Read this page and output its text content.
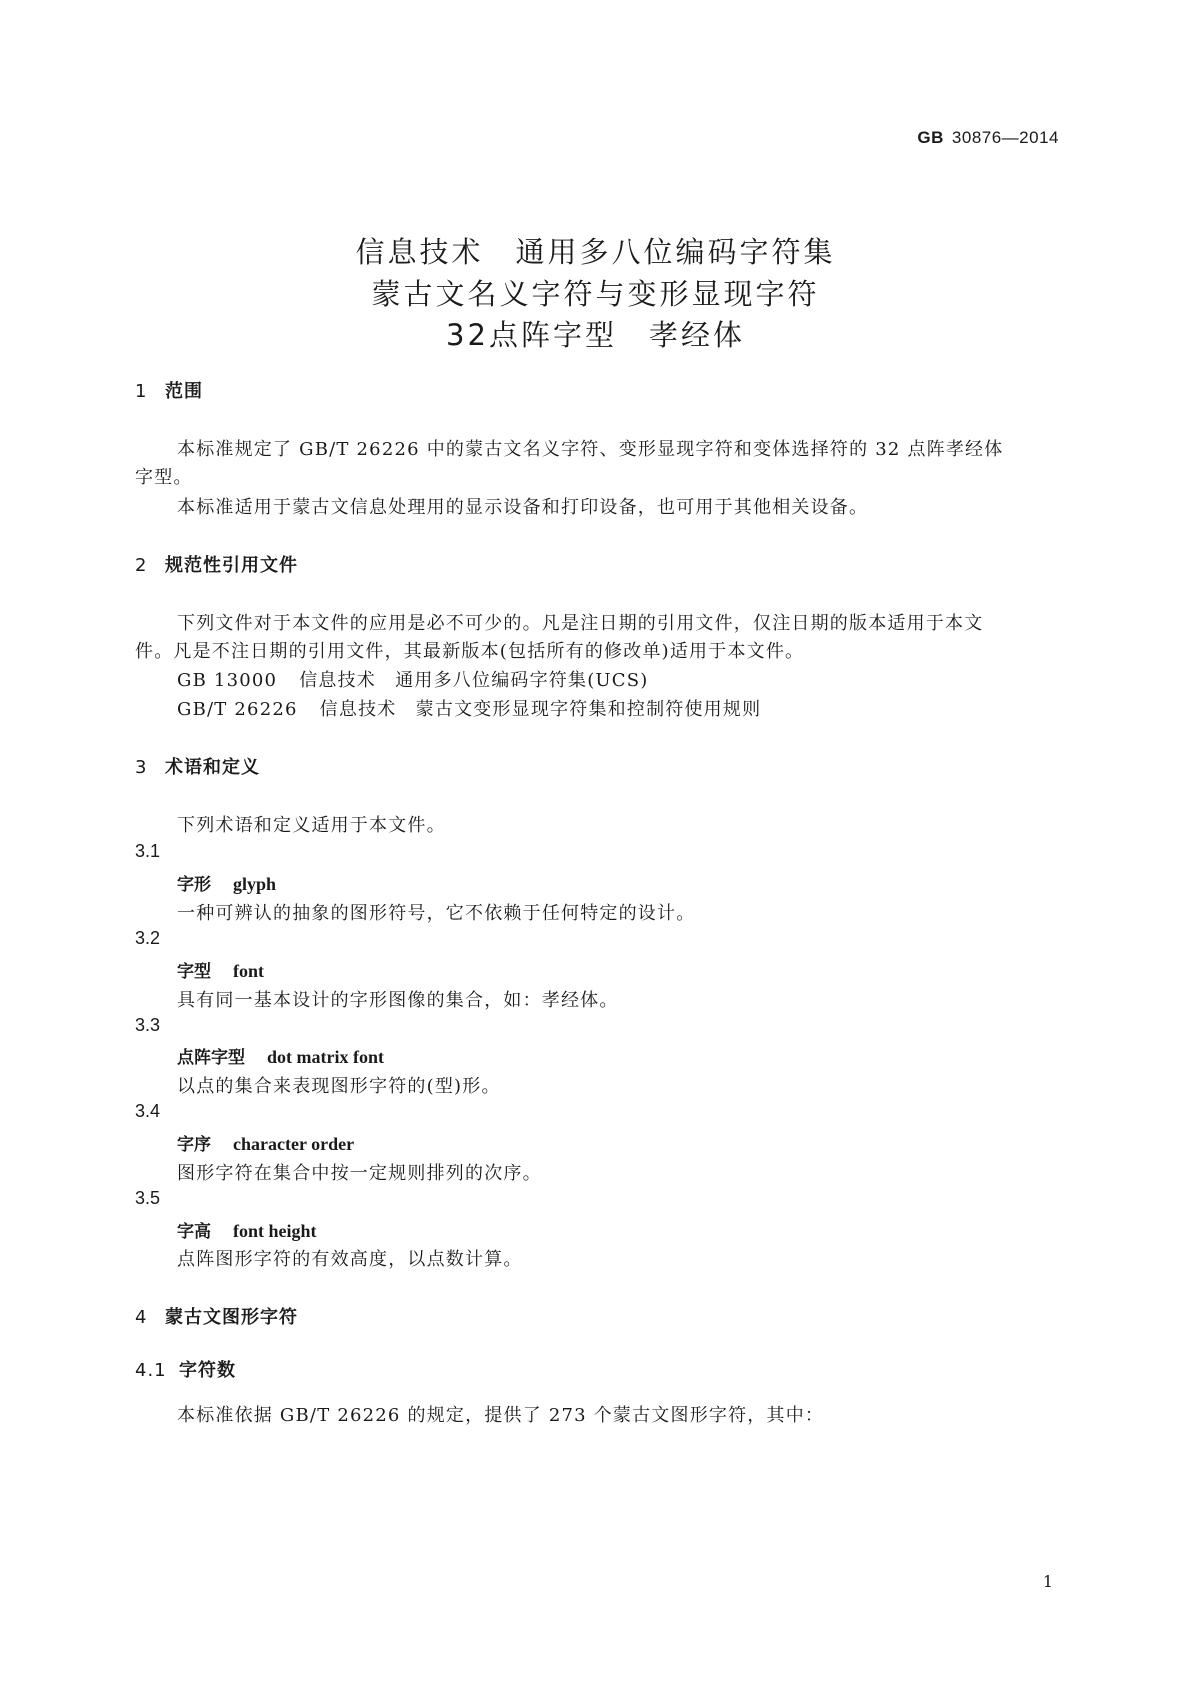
GB 30876—2014
信息技术　通用多八位编码字符集
蒙古文名义字符与变形显现字符
32点阵字型　孝经体
1 范围
本标准规定了 GB/T 26226 中的蒙古文名义字符、变形显现字符和变体选择符的 32 点阵孝经体
字型。
本标准适用于蒙古文信息处理用的显示设备和打印设备，也可用于其他相关设备。
2 规范性引用文件
下列文件对于本文件的应用是必不可少的。凡是注日期的引用文件，仅注日期的版本适用于本文
件。凡是不注日期的引用文件，其最新版本(包括所有的修改单)适用于本文件。
GB 13000 信息技术　通用多八位编码字符集(UCS)
GB/T 26226 信息技术　蒙古文变形显现字符集和控制符使用规则
3 术语和定义
下列术语和定义适用于本文件。
3.1
字形 glyph
一种可辨认的抽象的图形符号，它不依赖于任何特定的设计。
3.2
字型 font
具有同一基本设计的字形图像的集合，如：孝经体。
3.3
点阵字型 dot matrix font
以点的集合来表现图形字符的(型)形。
3.4
字序 character order
图形字符在集合中按一定规则排列的次序。
3.5
字高 font height
点阵图形字符的有效高度，以点数计算。
4 蒙古文图形字符
4.1 字符数
本标准依据 GB/T 26226 的规定，提供了 273 个蒙古文图形字符，其中：
1
